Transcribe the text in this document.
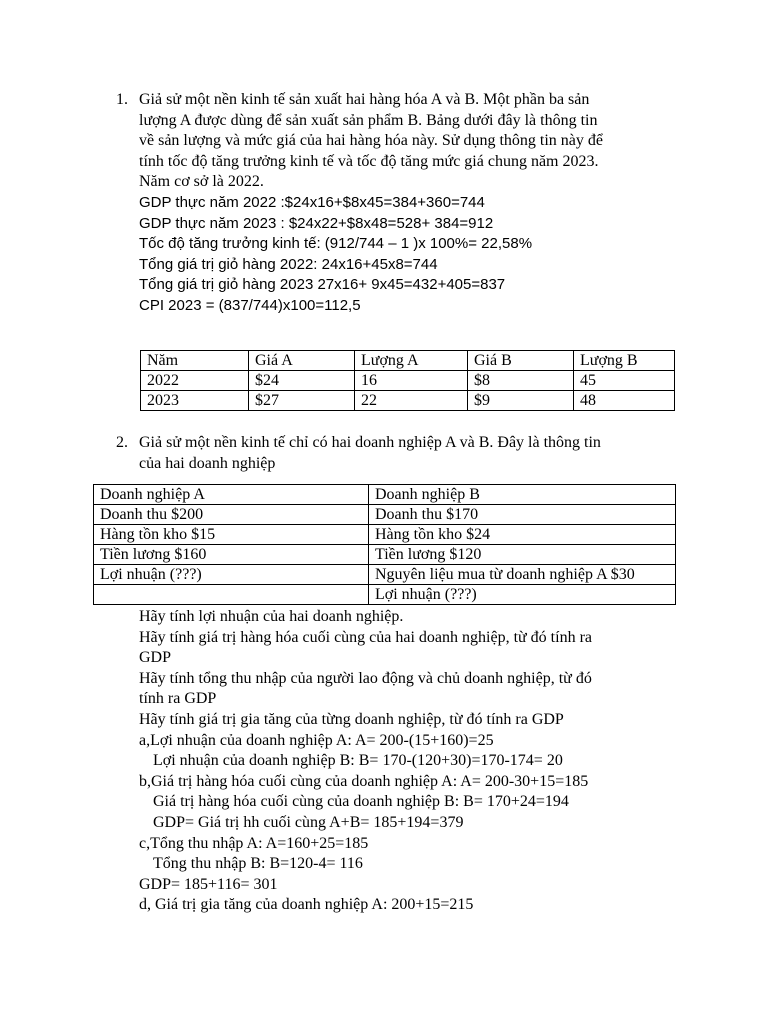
1. Giả sử một nền kinh tế sản xuất hai hàng hóa A và B. Một phần ba sản
lượng A được dùng để sản xuất sản phẩm B. Bảng dưới đây là thông tin
về sản lượng và mức giá của hai hàng hóa này. Sử dụng thông tin này để
tính tốc độ tăng trưởng kinh tế và tốc độ tăng mức giá chung năm 2023.
Năm cơ sở là 2022.
GDP thực năm 2022 :$24x16+$8x45=384+360=744
GDP thực năm 2023 : $24x22+$8x48=528+ 384=912
Tốc độ tăng trưởng kinh tế: (912/744 – 1 )x 100%= 22,58%
Tổng giá trị giỏ hàng 2022: 24x16+45x8=744
Tổng giá trị giỏ hàng 2023 27x16+ 9x45=432+405=837
CPI 2023 = (837/744)x100=112,5
Năm	Giá A	Lượng A	Giá B	Lượng B
2022	$24	16	$8	45
2023	$27	22	$9	48
2. Giả sử một nền kinh tế chỉ có hai doanh nghiệp A và B. Đây là thông tin
của hai doanh nghiệp
Doanh nghiệp A	Doanh nghiệp B
Doanh thu $200	Doanh thu $170
Hàng tồn kho $15	Hàng tồn kho $24
Tiền lương $160	Tiền lương $120
Lợi nhuận (???)	Nguyên liệu mua từ doanh nghiệp A $30
	Lợi nhuận (???)
Hãy tính lợi nhuận của hai doanh nghiệp.
Hãy tính giá trị hàng hóa cuối cùng của hai doanh nghiệp, từ đó tính ra
GDP
Hãy tính tổng thu nhập của người lao động và chủ doanh nghiệp, từ đó
tính ra GDP
Hãy tính giá trị gia tăng của từng doanh nghiệp, từ đó tính ra GDP
a,Lợi nhuận của doanh nghiệp A: A= 200-(15+160)=25
Lợi nhuận của doanh nghiệp B: B= 170-(120+30)=170-174= 20
b,Giá trị hàng hóa cuối cùng của doanh nghiệp A: A= 200-30+15=185
Giá trị hàng hóa cuối cùng của doanh nghiệp B: B= 170+24=194
GDP= Giá trị hh cuối cùng A+B= 185+194=379
c,Tổng thu nhập A: A=160+25=185
Tổng thu nhập B: B=120-4= 116
GDP= 185+116= 301
d, Giá trị gia tăng của doanh nghiệp A: 200+15=215
